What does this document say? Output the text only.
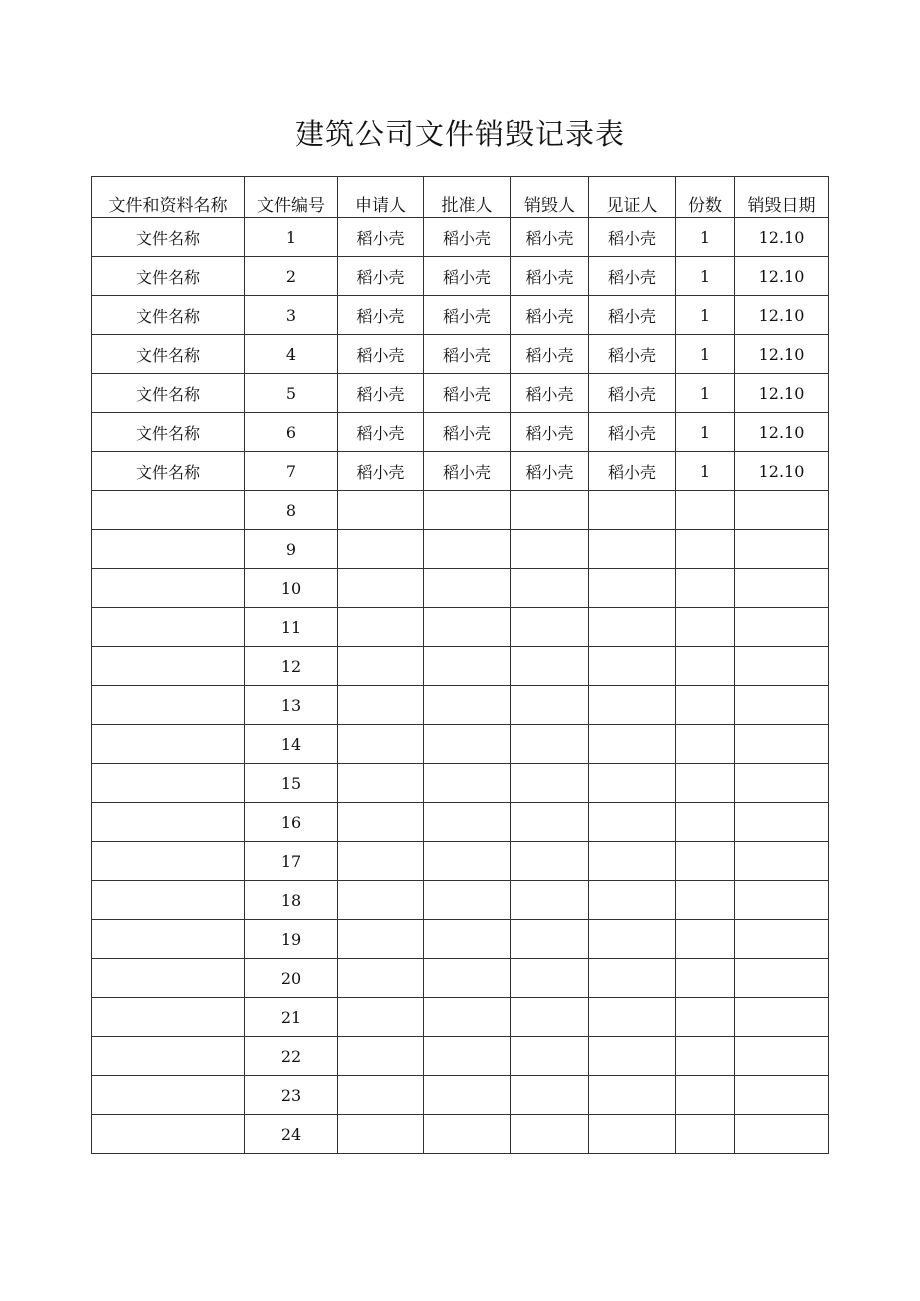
建筑公司文件销毁记录表
文件和资料名称	文件编号	申请人	批准人	销毁人	见证人	份数	销毁日期
文件名称	1	稻小壳	稻小壳	稻小壳	稻小壳	1	12.10
文件名称	2	稻小壳	稻小壳	稻小壳	稻小壳	1	12.10
文件名称	3	稻小壳	稻小壳	稻小壳	稻小壳	1	12.10
文件名称	4	稻小壳	稻小壳	稻小壳	稻小壳	1	12.10
文件名称	5	稻小壳	稻小壳	稻小壳	稻小壳	1	12.10
文件名称	6	稻小壳	稻小壳	稻小壳	稻小壳	1	12.10
文件名称	7	稻小壳	稻小壳	稻小壳	稻小壳	1	12.10
	8						
	9						
	10						
	11						
	12						
	13						
	14						
	15						
	16						
	17						
	18						
	19						
	20						
	21						
	22						
	23						
	24						
